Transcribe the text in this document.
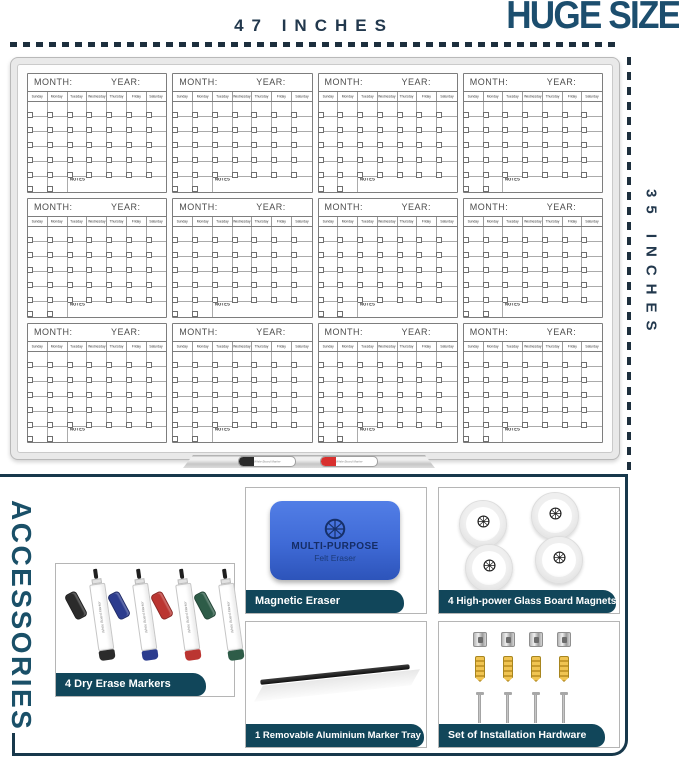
47 INCHES	HUGE SIZE
35 INCHES
MONTH:	YEAR:
Sunday Monday Tuesday Wednesday Thursday Friday Saturday
NOTES
MONTH:	YEAR:
Sunday Monday Tuesday Wednesday Thursday Friday Saturday
NOTES
MONTH:	YEAR:
Sunday Monday Tuesday Wednesday Thursday Friday Saturday
NOTES
MONTH:	YEAR:
Sunday Monday Tuesday Wednesday Thursday Friday Saturday
NOTES
MONTH:	YEAR:
Sunday Monday Tuesday Wednesday Thursday Friday Saturday
NOTES
MONTH:	YEAR:
Sunday Monday Tuesday Wednesday Thursday Friday Saturday
NOTES
MONTH:	YEAR:
Sunday Monday Tuesday Wednesday Thursday Friday Saturday
NOTES
MONTH:	YEAR:
Sunday Monday Tuesday Wednesday Thursday Friday Saturday
NOTES
MONTH:	YEAR:
Sunday Monday Tuesday Wednesday Thursday Friday Saturday
NOTES
MONTH:	YEAR:
Sunday Monday Tuesday Wednesday Thursday Friday Saturday
NOTES
MONTH:	YEAR:
Sunday Monday Tuesday Wednesday Thursday Friday Saturday
NOTES
MONTH:	YEAR:
Sunday Monday Tuesday Wednesday Thursday Friday Saturday
NOTES
White Board Marker	White Board Marker
ACCESSORIES	White Board Marker	White Board Marker	White Board Marker	White Board Marker
4 Dry Erase Markers
MULTI-PURPOSE
Felt Eraser
Magnetic Eraser	4 High-power Glass Board Magnets
1 Removable Aluminium Marker Tray	Set of Installation Hardware
